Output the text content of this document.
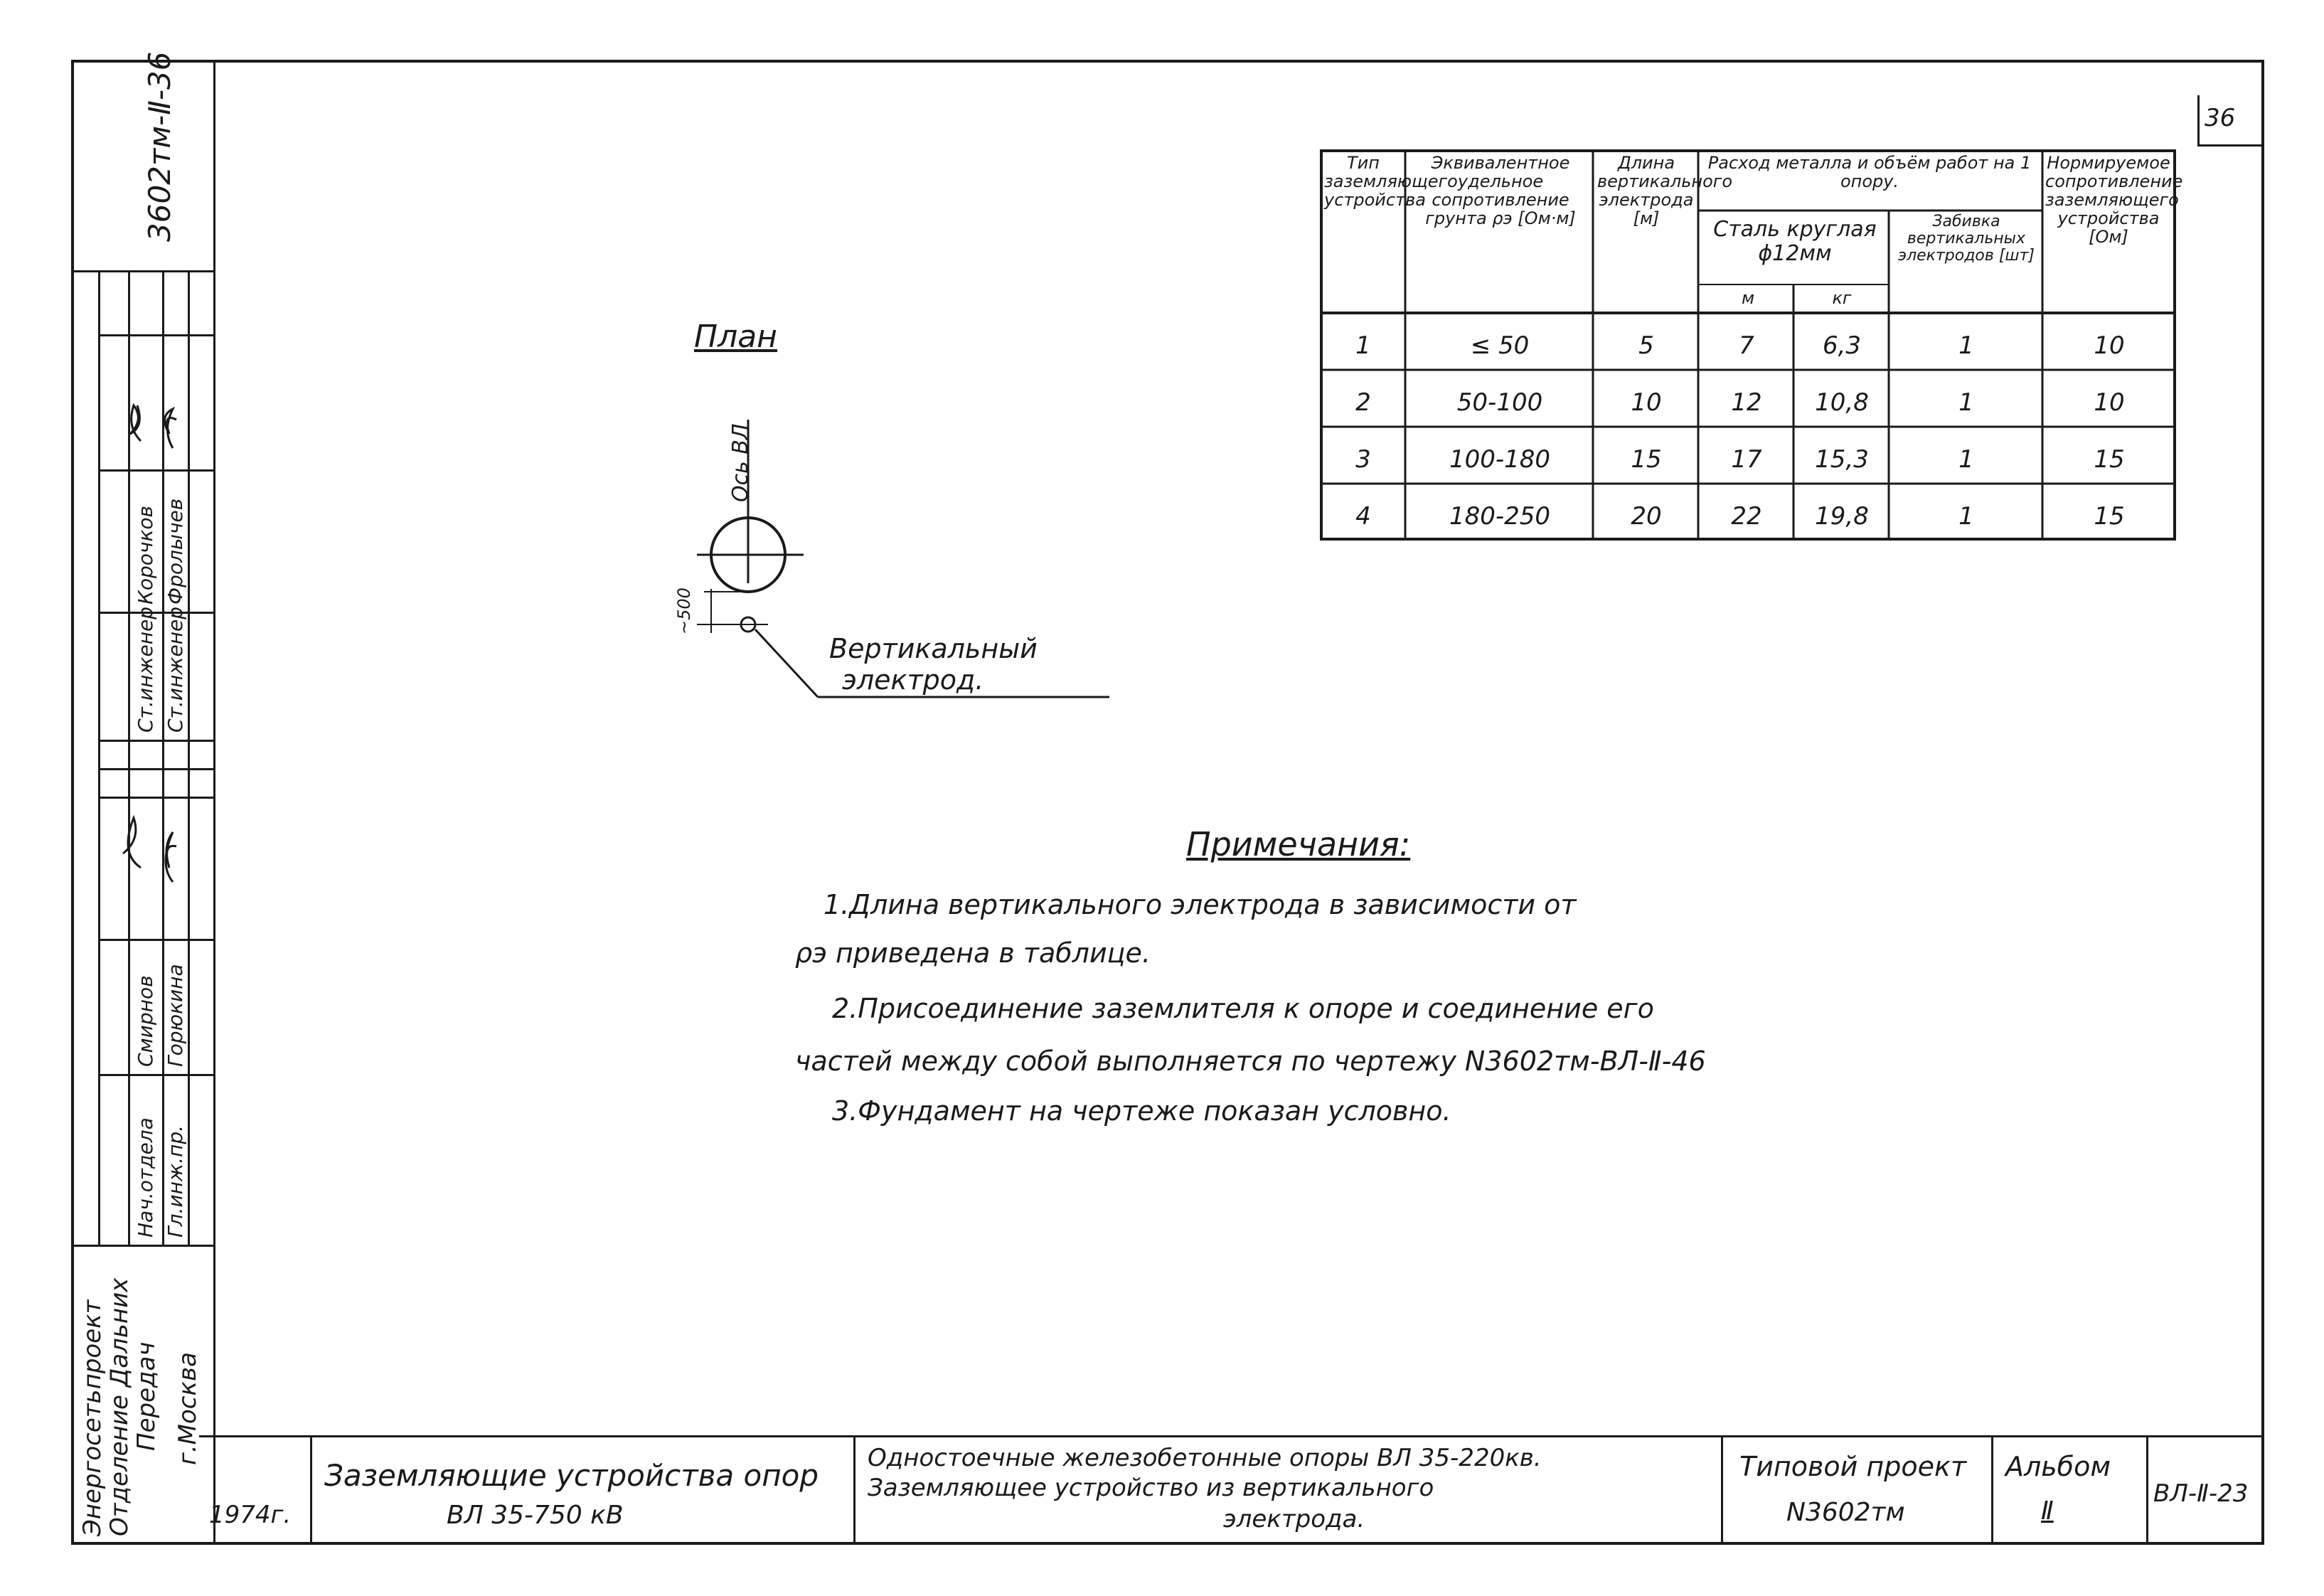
36
3602тм-Ⅱ-36
Нач.отдела Гл.инж.пр.
Смирнов Горюкина
Ст.инженер Ст.инженер
Корочков Фролычев
Энергосетьпроект
Отделение Дальних
Передач г.Москва
План
Ось ВЛ
~500
Вертикальный
электрод.
Тип заземляющего устройства
Эквивалентное удельное сопротивление грунта ρэ [Ом·м]
Длина вертикального электрода [м]
Расход металла и объём работ на 1 опору.
Сталь круглая ϕ12мм
м	кг
Забивка вертикальных электродов [шт]
Нормируемое сопротивление заземляющего устройства [Ом]
1	≤ 50	5	7	6,3	1	10
2	50-100	10	12	10,8	1	10
3	100-180	15	17	15,3	1	15
4	180-250	20	22	19,8	1	15
Примечания:
1.Длина вертикального электрода в зависимости от
ρэ приведена в таблице.
2.Присоединение заземлителя к опоре и соединение его
частей между собой выполняется по чертежу N3602тм-ВЛ-Ⅱ-46
3.Фундамент на чертеже показан условно.
1974г.
Заземляющие устройства опор
ВЛ 35-750 кВ
Одностоечные железобетонные опоры ВЛ 35-220кв.
Заземляющее устройство из вертикального
электрода.
Типовой проект
N3602тм
Альбом
Ⅱ
ВЛ-Ⅱ-23
